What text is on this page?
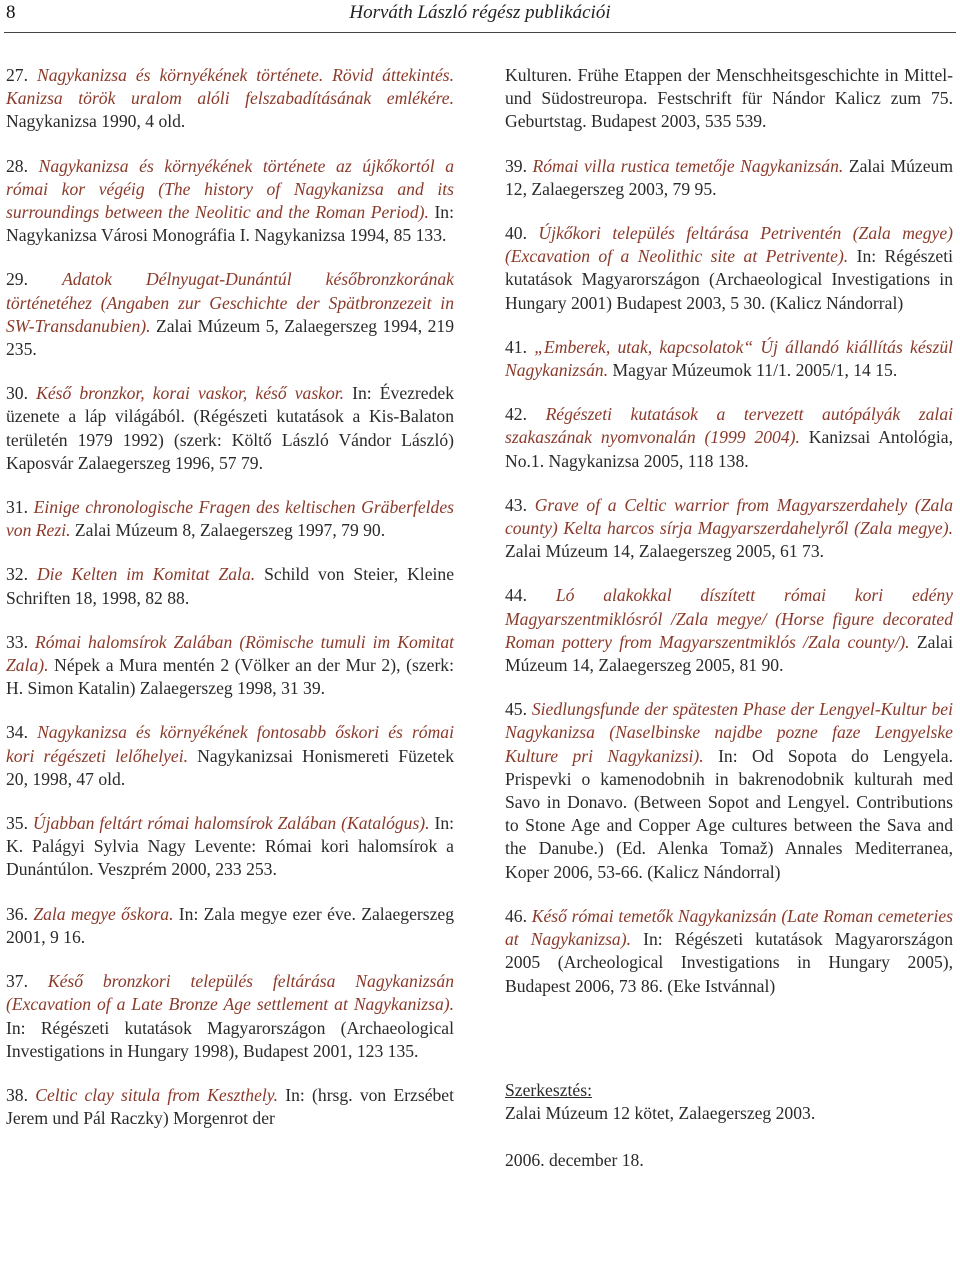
8	Horváth László régész publikációi

27. Nagykanizsa és környékének története. Rövid áttekintés. Kanizsa török uralom alóli felszabadításának emlékére. Nagykanizsa 1990, 4 old.

28. Nagykanizsa és környékének története az újkőkortól a római kor végéig (The history of Nagykanizsa and its surroundings between the Neolitic and the Roman Period). In: Nagykanizsa Városi Monográfia I. Nagykanizsa 1994, 85 133.

29. Adatok Délnyugat-Dunántúl későbronzkorának történetéhez (Angaben zur Geschichte der Spätbronzezeit in SW-Transdanubien). Zalai Múzeum 5, Zalaegerszeg 1994, 219 235.

30. Késő bronzkor, korai vaskor, késő vaskor. In: Évezredek üzenete a láp világából. (Régészeti kutatások a Kis-Balaton területén 1979 1992) (szerk: Költő László Vándor László) Kaposvár Zalaegerszeg 1996, 57 79.

31. Einige chronologische Fragen des keltischen Gräberfeldes von Rezi. Zalai Múzeum 8, Zalaegerszeg 1997, 79 90.

32. Die Kelten im Komitat Zala. Schild von Steier, Kleine Schriften 18, 1998, 82 88.

33. Római halomsírok Zalában (Römische tumuli im Komitat Zala). Népek a Mura mentén 2 (Völker an der Mur 2), (szerk: H. Simon Katalin) Zalaegerszeg 1998, 31 39.

34. Nagykanizsa és környékének fontosabb őskori és római kori régészeti lelőhelyei. Nagykanizsai Honismereti Füzetek 20, 1998, 47 old.

35. Újabban feltárt római halomsírok Zalában (Katalógus). In: K. Palágyi Sylvia Nagy Levente: Római kori halomsírok a Dunántúlon. Veszprém 2000, 233 253.

36. Zala megye őskora. In: Zala megye ezer éve. Zalaegerszeg 2001, 9 16.

37. Késő bronzkori település feltárása Nagykanizsán (Excavation of a Late Bronze Age settlement at Nagykanizsa). In: Régészeti kutatások Magyarországon (Archaeological Investigations in Hungary 1998), Budapest 2001, 123 135.

38. Celtic clay situla from Keszthely. In: (hrsg. von Erzsébet Jerem und Pál Raczky) Morgenrot der

Kulturen. Frühe Etappen der Menschheitsgeschichte in Mittel- und Südostreuropa. Festschrift für Nándor Kalicz zum 75. Geburtstag. Budapest 2003, 535 539.

39. Római villa rustica temetője Nagykanizsán. Zalai Múzeum 12, Zalaegerszeg 2003, 79 95.

40. Újkőkori település feltárása Petriventén (Zala megye) (Excavation of a Neolithic site at Petrivente). In: Régészeti kutatások Magyarországon (Archaeological Investigations in Hungary 2001) Budapest 2003, 5 30. (Kalicz Nándorral)

41. „Emberek, utak, kapcsolatok“ Új állandó kiállítás készül Nagykanizsán. Magyar Múzeumok 11/1. 2005/1, 14 15.

42. Régészeti kutatások a tervezett autópályák zalai szakaszának nyomvonalán (1999 2004). Kanizsai Antológia, No.1. Nagykanizsa 2005, 118 138.

43. Grave of a Celtic warrior from Magyarszerdahely (Zala county) Kelta harcos sírja Magyarszerdahelyről (Zala megye). Zalai Múzeum 14, Zalaegerszeg 2005, 61 73.

44. Ló alakokkal díszített római kori edény Magyarszentmiklósról /Zala megye/ (Horse figure decorated Roman pottery from Magyarszentmiklós /Zala county/). Zalai Múzeum 14, Zalaegerszeg 2005, 81 90.

45. Siedlungsfunde der spätesten Phase der Lengyel-Kultur bei Nagykanizsa (Naselbinske najdbe pozne faze Lengyelske Kulture pri Nagykanizsi). In: Od Sopota do Lengyela. Prispevki o kamenodobnih in bakrenodobnik kulturah med Savo in Donavo. (Between Sopot and Lengyel. Contributions to Stone Age and Copper Age cultures between the Sava and the Danube.) (Ed. Alenka Tomaž) Annales Mediterranea, Koper 2006, 53-66. (Kalicz Nándorral)

46. Késő római temetők Nagykanizsán (Late Roman cemeteries at Nagykanizsa). In: Régészeti kutatások Magyarországon 2005 (Archeological Investigations in Hungary 2005), Budapest 2006, 73 86. (Eke Istvánnal)

Szerkesztés:
Zalai Múzeum 12 kötet, Zalaegerszeg 2003.
2006. december 18.
